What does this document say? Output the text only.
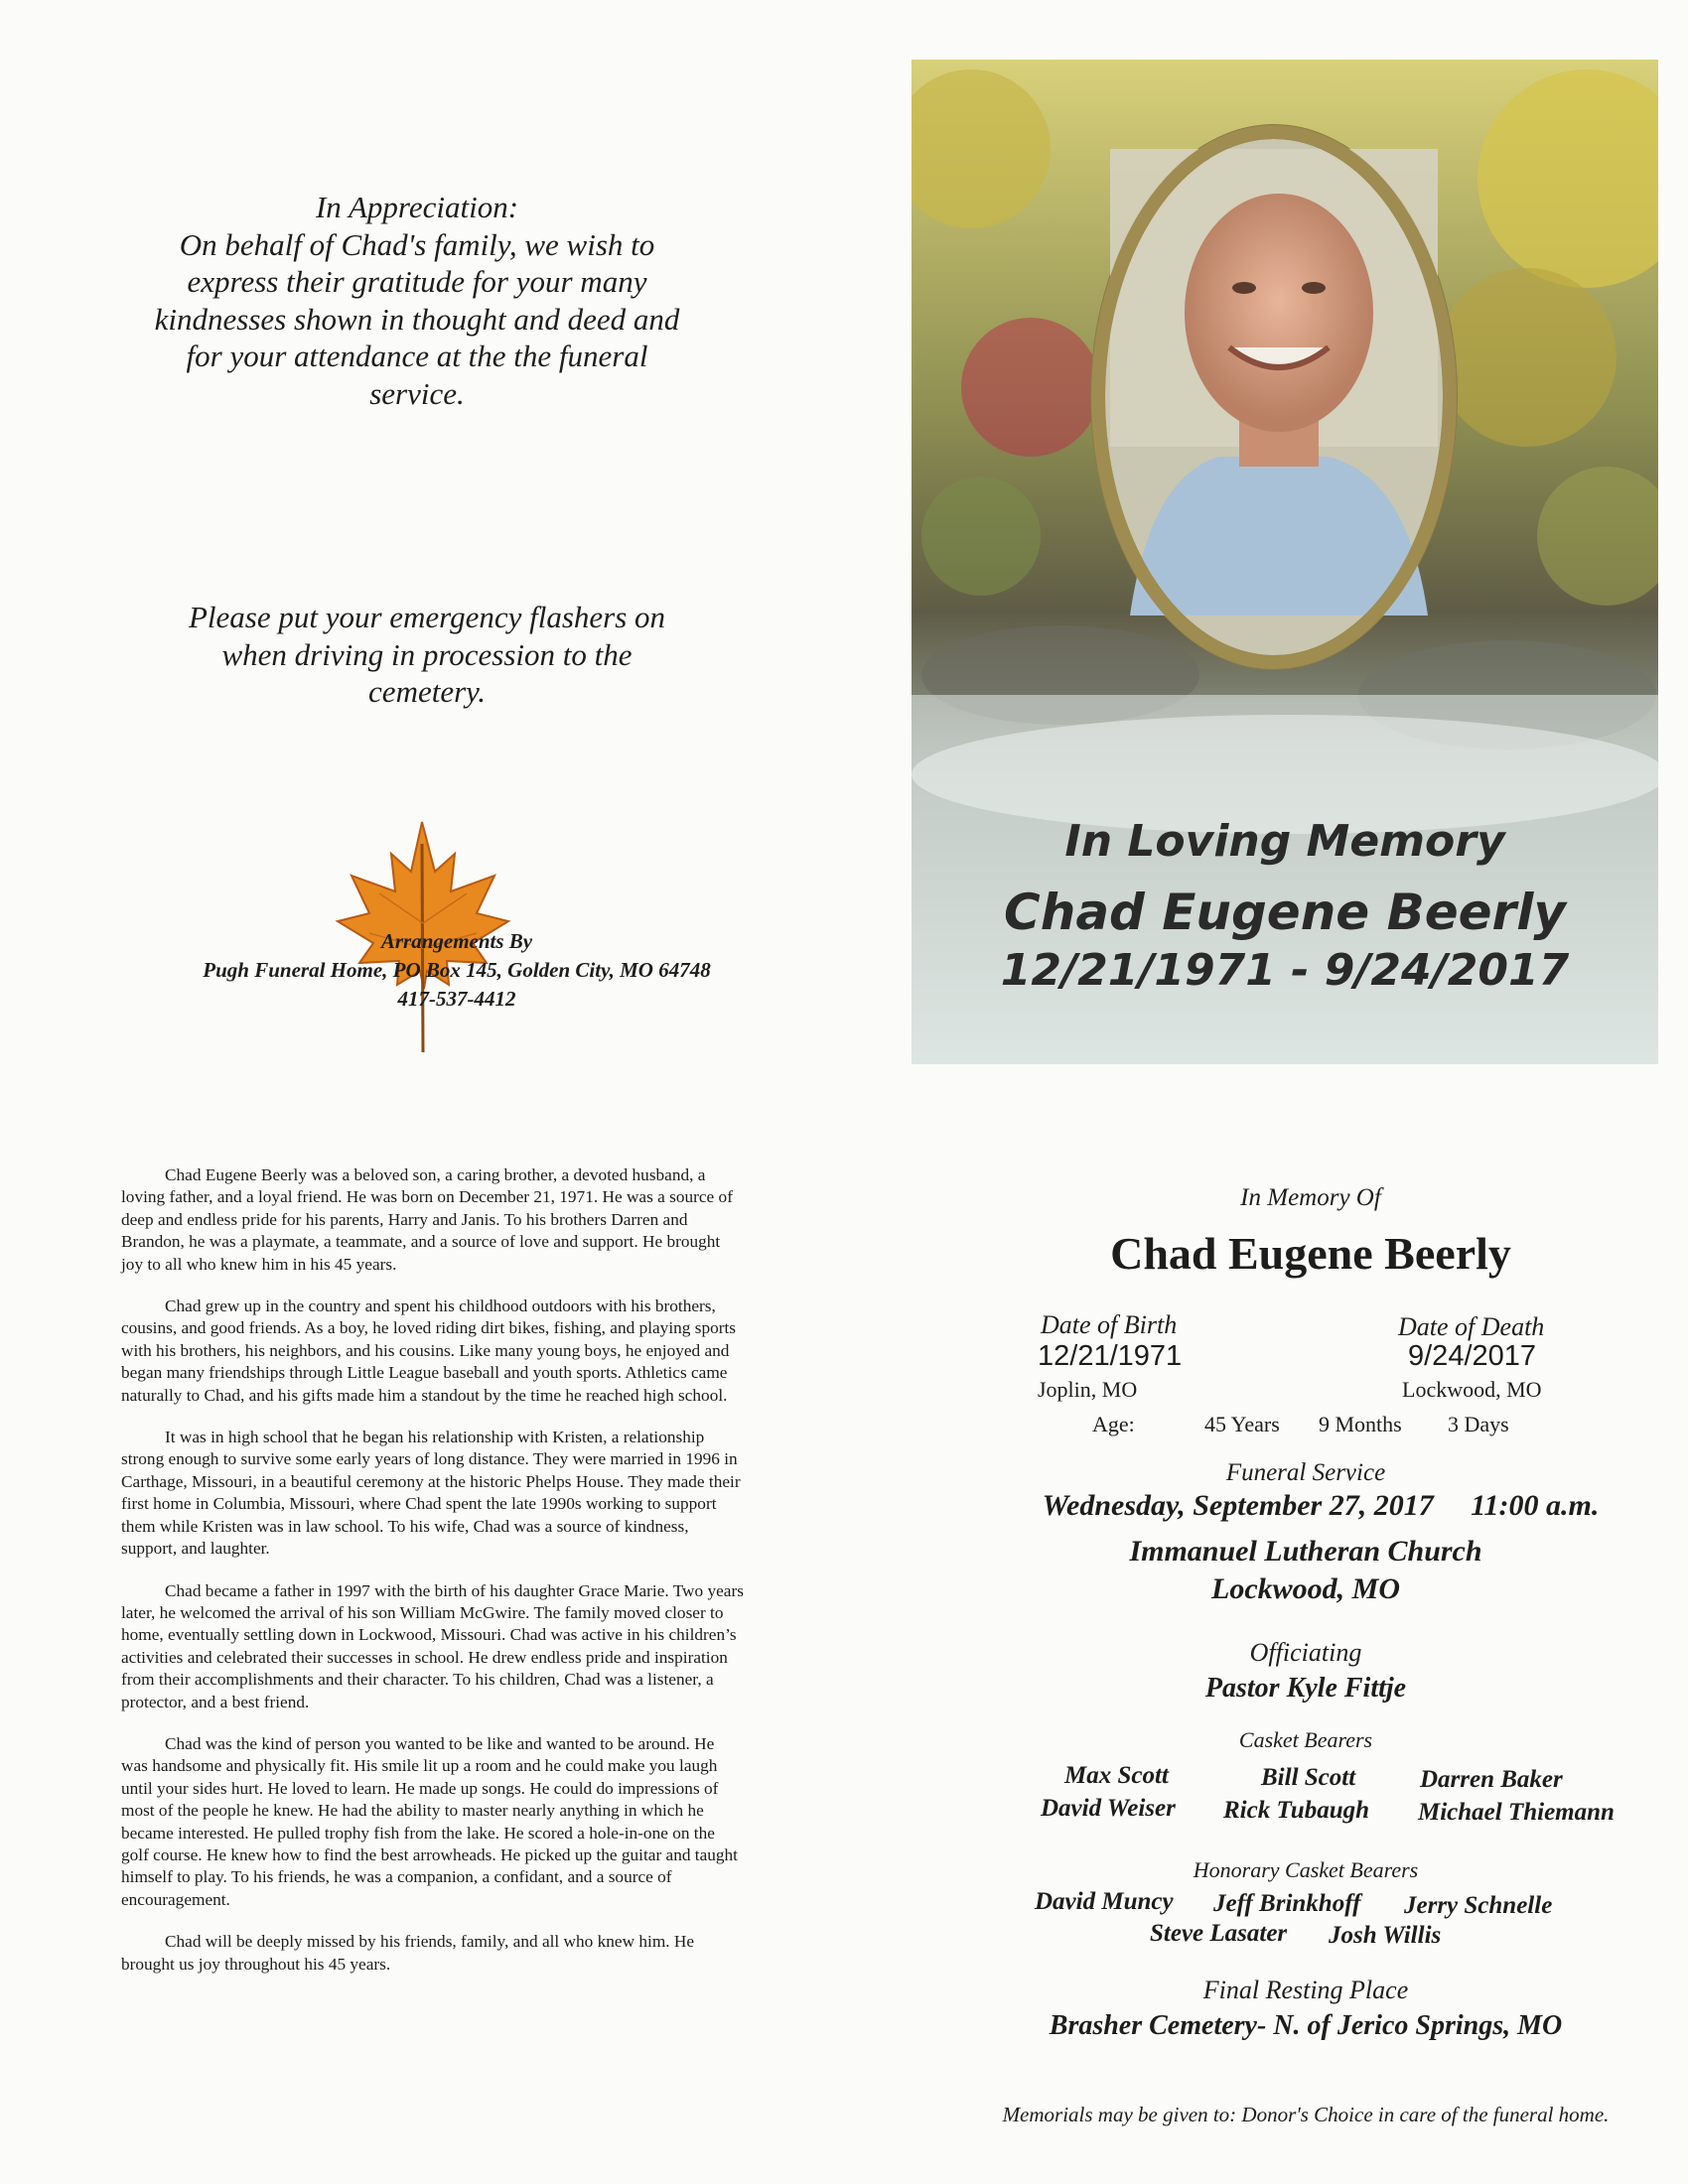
In Appreciation:

On behalf of Chad's family, we wish to

express their gratitude for your many

kindnesses shown in thought and deed and

for your attendance at the the funeral

service.

Please put your emergency flashers on

when driving in procession to the

cemetery.

Arrangements By

Pugh Funeral Home, PO Box 145, Golden City, MO 64748

417-537-4412

In Loving Memory
Chad Eugene Beerly
12/21/1971 - 9/24/2017

Chad Eugene Beerly was a beloved son, a caring brother, a devoted husband, a loving father, and a loyal friend. He was born on December 21, 1971. He was a source of deep and endless pride for his parents, Harry and Janis. To his brothers Darren and Brandon, he was a playmate, a teammate, and a source of love and support. He brought joy to all who knew him in his 45 years.

Chad grew up in the country and spent his childhood outdoors with his brothers, cousins, and good friends. As a boy, he loved riding dirt bikes, fishing, and playing sports with his brothers, his neighbors, and his cousins. Like many young boys, he enjoyed and began many friendships through Little League baseball and youth sports. Athletics came naturally to Chad, and his gifts made him a standout by the time he reached high school.

It was in high school that he began his relationship with Kristen, a relationship strong enough to survive some early years of long distance. They were married in 1996 in Carthage, Missouri, in a beautiful ceremony at the historic Phelps House. They made their first home in Columbia, Missouri, where Chad spent the late 1990s working to support them while Kristen was in law school. To his wife, Chad was a source of kindness, support, and laughter.

Chad became a father in 1997 with the birth of his daughter Grace Marie. Two years later, he welcomed the arrival of his son William McGwire. The family moved closer to home, eventually settling down in Lockwood, Missouri. Chad was active in his children’s activities and celebrated their successes in school. He drew endless pride and inspiration from their accomplishments and their character. To his children, Chad was a listener, a protector, and a best friend.

Chad was the kind of person you wanted to be like and wanted to be around. He was handsome and physically fit. His smile lit up a room and he could make you laugh until your sides hurt. He loved to learn. He made up songs. He could do impressions of most of the people he knew. He had the ability to master nearly anything in which he became interested. He pulled trophy fish from the lake. He scored a hole-in-one on the golf course. He knew how to find the best arrowheads. He picked up the guitar and taught himself to play. To his friends, he was a companion, a confidant, and a source of encouragement.

Chad will be deeply missed by his friends, family, and all who knew him. He brought us joy throughout his 45 years.

In Memory Of
Chad Eugene Beerly
Date of Birth
12/21/1971
Joplin, MO
Date of Death
9/24/2017
Lockwood, MO
Age:	45 Years 9 Months 3 Days
Funeral Service
Wednesday, September 27, 2017     11:00 a.m.
Immanuel Lutheran Church
Lockwood, MO
Officiating
Pastor Kyle Fittje
Casket Bearers
Max Scott	Bill Scott	Darren Baker
David Weiser Rick Tubaugh Michael Thiemann
Honorary Casket Bearers
David Muncy Jeff Brinkhoff Jerry Schnelle
Steve Lasater Josh Willis
Final Resting Place
Brasher Cemetery- N. of Jerico Springs, MO
Memorials may be given to: Donor's Choice in care of the funeral home.
